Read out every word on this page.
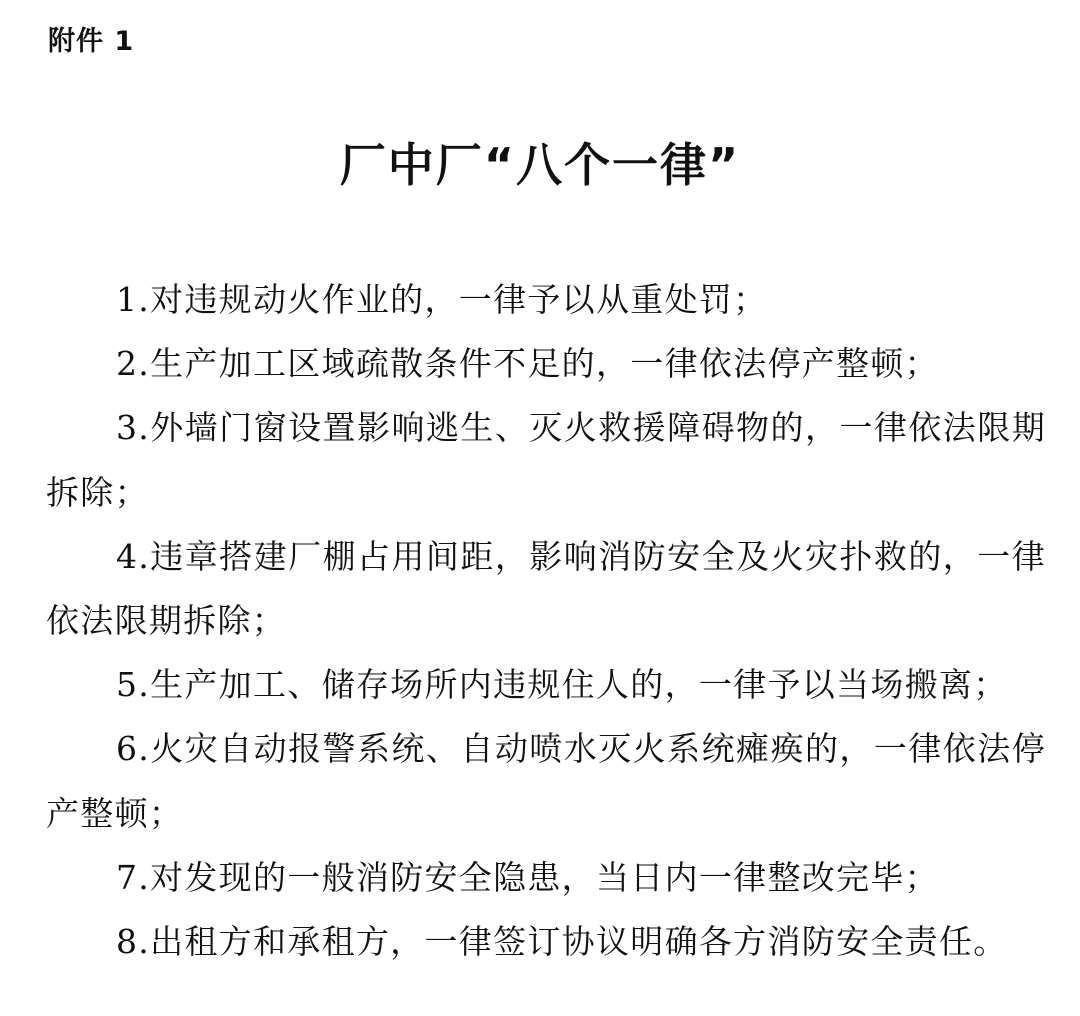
附件 1
厂中厂“八个一律”

1.对违规动火作业的，一律予以从重处罚；

2.生产加工区域疏散条件不足的，一律依法停产整顿；

3.外墙门窗设置影响逃生、灭火救援障碍物的，一律依法限期拆除；

4.违章搭建厂棚占用间距，影响消防安全及火灾扑救的，一律依法限期拆除；

5.生产加工、储存场所内违规住人的，一律予以当场搬离；

6.火灾自动报警系统、自动喷水灭火系统瘫痪的，一律依法停产整顿；

7.对发现的一般消防安全隐患，当日内一律整改完毕；

8.出租方和承租方，一律签订协议明确各方消防安全责任。
